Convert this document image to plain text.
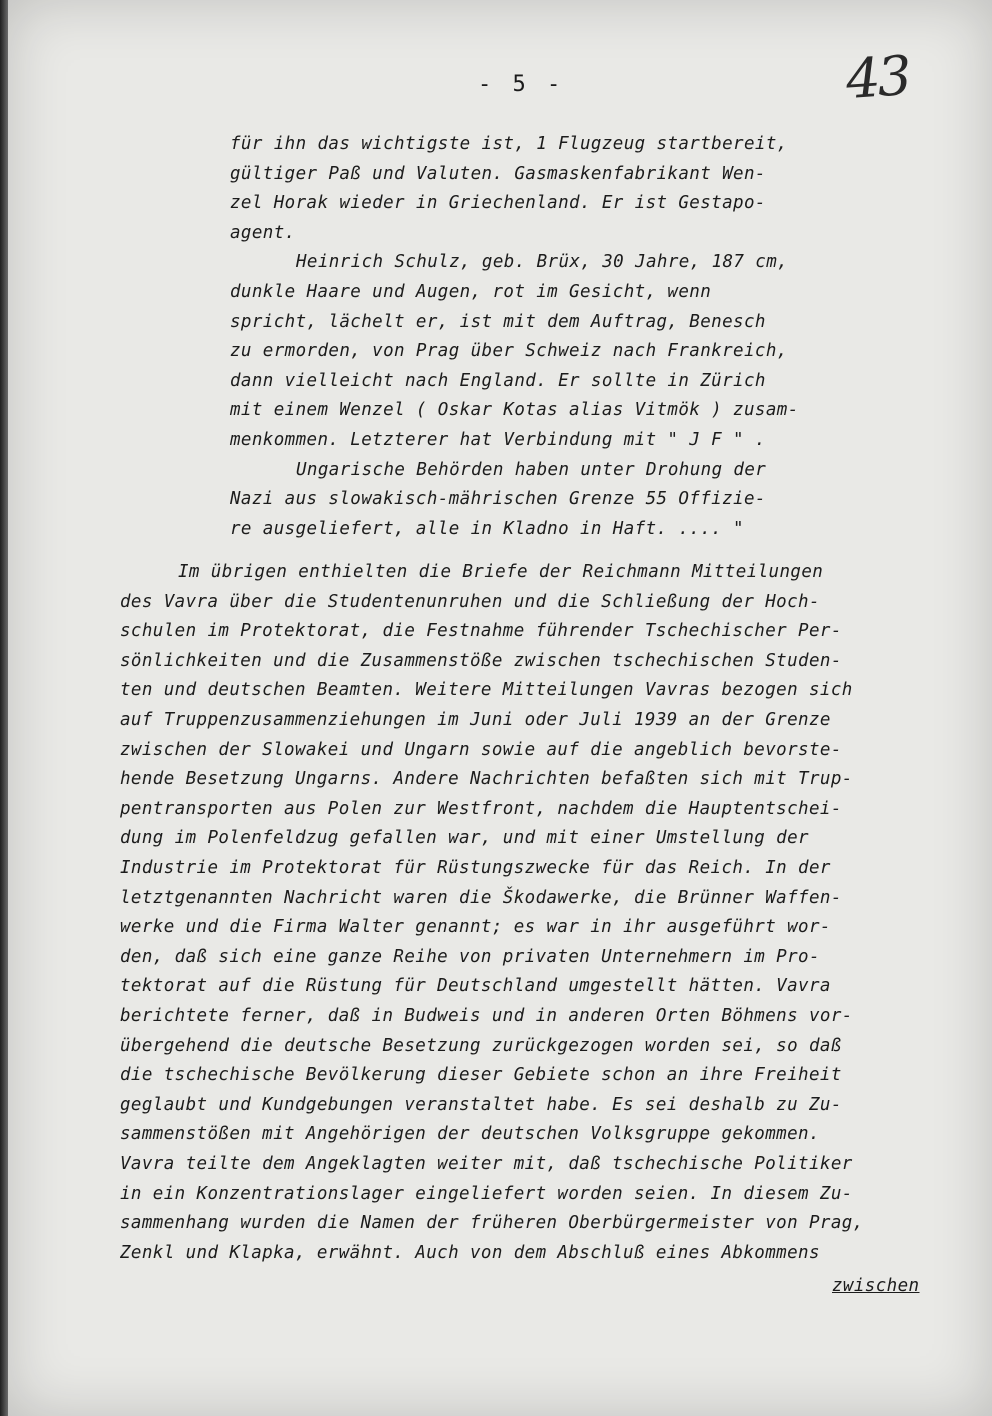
- 5 -	43
für ihn das wichtigste ist, 1 Flugzeug startbereit,
gültiger Paß und Valuten. Gasmaskenfabrikant Wen-
zel Horak wieder in Griechenland. Er ist Gestapo-
agent.
Heinrich Schulz, geb. Brüx, 30 Jahre, 187 cm,
dunkle Haare und Augen, rot im Gesicht, wenn
spricht, lächelt er, ist mit dem Auftrag, Benesch
zu ermorden, von Prag über Schweiz nach Frankreich,
dann vielleicht nach England. Er sollte in Zürich
mit einem Wenzel ( Oskar Kotas alias Vitmök ) zusam-
menkommen. Letzterer hat Verbindung mit " J F " .
Ungarische Behörden haben unter Drohung der
Nazi aus slowakisch-mährischen Grenze 55 Offizie-
re ausgeliefert, alle in Kladno in Haft. .... "
Im übrigen enthielten die Briefe der Reichmann Mitteilungen
des Vavra über die Studentenunruhen und die Schließung der Hoch-
schulen im Protektorat, die Festnahme führender Tschechischer Per-
sönlichkeiten und die Zusammenstöße zwischen tschechischen Studen-
ten und deutschen Beamten. Weitere Mitteilungen Vavras bezogen sich
auf Truppenzusammenziehungen im Juni oder Juli 1939 an der Grenze
zwischen der Slowakei und Ungarn sowie auf die angeblich bevorste-
hende Besetzung Ungarns. Andere Nachrichten befaßten sich mit Trup-
pentransporten aus Polen zur Westfront, nachdem die Hauptentschei-
dung im Polenfeldzug gefallen war, und mit einer Umstellung der
Industrie im Protektorat für Rüstungszwecke für das Reich. In der
letztgenannten Nachricht waren die Škodawerke, die Brünner Waffen-
werke und die Firma Walter genannt; es war in ihr ausgeführt wor-
den, daß sich eine ganze Reihe von privaten Unternehmern im Pro-
tektorat auf die Rüstung für Deutschland umgestellt hätten. Vavra
berichtete ferner, daß in Budweis und in anderen Orten Böhmens vor-
übergehend die deutsche Besetzung zurückgezogen worden sei, so daß
die tschechische Bevölkerung dieser Gebiete schon an ihre Freiheit
geglaubt und Kundgebungen veranstaltet habe. Es sei deshalb zu Zu-
sammenstößen mit Angehörigen der deutschen Volksgruppe gekommen.
Vavra teilte dem Angeklagten weiter mit, daß tschechische Politiker
in ein Konzentrationslager eingeliefert worden seien. In diesem Zu-
sammenhang wurden die Namen der früheren Oberbürgermeister von Prag,
Zenkl und Klapka, erwähnt. Auch von dem Abschluß eines Abkommens
zwischen
